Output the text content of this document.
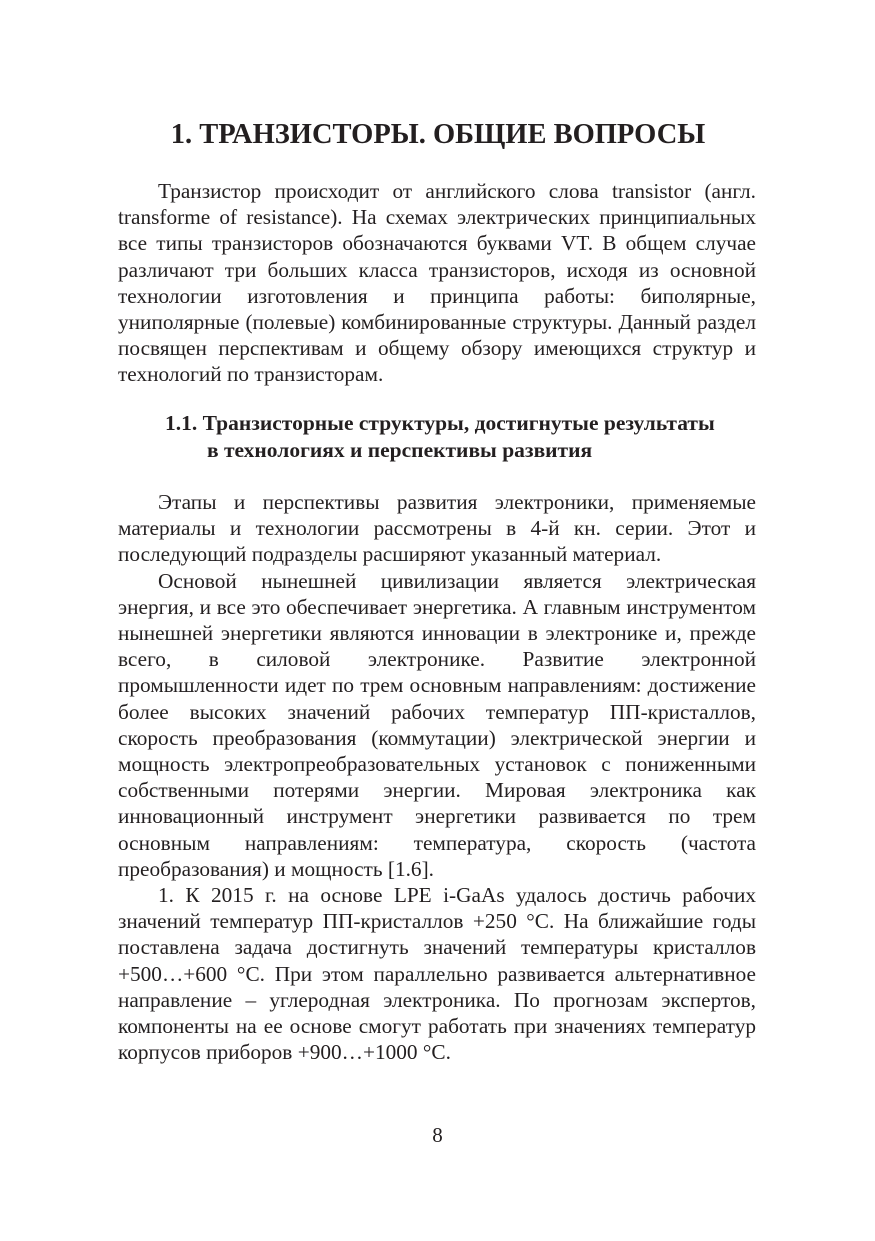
1. ТРАНЗИСТОРЫ. ОБЩИЕ ВОПРОСЫ

Транзистор происходит от английского слова transistor (англ. transforme of resistance). На схемах электрических принципиальных все типы транзисторов обозначаются буквами VT. В общем случае различают три больших класса транзисторов, исходя из основной технологии изготовления и принципа работы: биполярные, униполярные (полевые) комбинированные структуры. Данный раздел посвящен перспективам и общему обзору имеющихся структур и технологий по транзисторам.

1.1. Транзисторные структуры, достигнутые результаты
в технологиях и перспективы развития

Этапы и перспективы развития электроники, применяемые материалы и технологии рассмотрены в 4-й кн. серии. Этот и последующий подразделы расширяют указанный материал.

Основой нынешней цивилизации является электрическая энергия, и все это обеспечивает энергетика. А главным инструментом нынешней энергетики являются инновации в электронике и, прежде всего, в силовой электронике. Развитие электронной промышленности идет по трем основным направлениям: достижение более высоких значений рабочих температур ПП-кристаллов, скорость преобразования (коммутации) электрической энергии и мощность электропреобразовательных установок с пониженными собственными потерями энергии. Мировая электроника как инновационный инструмент энергетики развивается по трем основным направлениям: температура, скорость (частота преобразования) и мощность [1.6].

1. К 2015 г. на основе LPE i-GaAs удалось достичь рабочих значений температур ПП-кристаллов +250 °С. На ближайшие годы поставлена задача достигнуть значений температуры кристаллов +500…+600 °С. При этом параллельно развивается альтернативное направление – углеродная электроника. По прогнозам экспертов, компоненты на ее основе смогут работать при значениях температур корпусов приборов +900…+1000 °С.

8
